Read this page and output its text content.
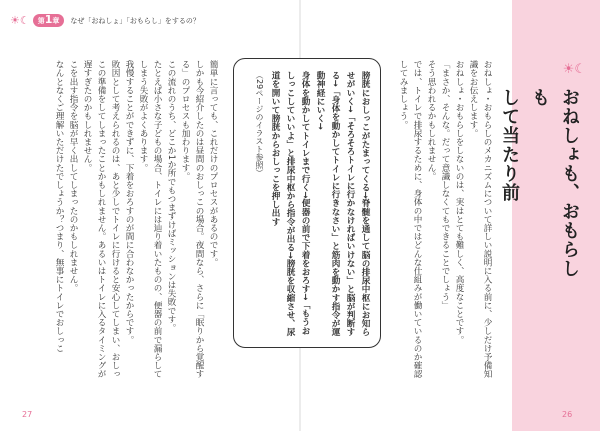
☀☾	第1章	なぜ「おねしょ」「おもらし」をするの？

簡単に言っても、これだけのプロセスがあるのです。

しかも今紹介したのは昼間のおしっこの場合。夜間なら、さらに「眠りから覚醒する」のプロセスも加わります。

この流れのうち、どこか1か所でもつまずけばミッションは失敗です。

たとえば小さな子どもの場合、トイレには辿り着いたものの、便器の前で漏らしてしまう失敗がよくあります。

我慢することができずに、下着をおろすのが間に合わなかったからです。

敗因として考えられるのは、あと少しでトイレに行けると安心してしまい、おしっこの準備をしてしまったことかもしれません。あるいはトイレに入るタイミングが遅すぎたのかもしれません。

こを出す指令を脳が早く出してしまったのかもしれません。

なんとなくご理解いただけたでしょうか？つまり、無事にトイレでおしっこ

27	26

膀胱におしっこがたまってくる→脊髄を通して脳の排尿中枢にお知らせがいく→「そろそろトイレに行かなければいけない」と脳が判断する→「身体を動かしてトイレに行きなさい」と筋肉を動かす指令が運動神経にいく→

身体を動かしてトイレまで行く→便器の前で下着をおろす→「もうおしっこしていいよ」と排尿中枢から指令が出る→膀胱を収縮させ、尿道を開いて膀胱からおしっこを押し出す

（29ページのイラスト参照）	おねしょ・おもらしのメカニズムについて詳しい説明に入る前に、少しだけ予備知識をお伝えします。

おねしょ・おもらしをしないのは、実はとても難しく、高度なことです。

「まさか、そんな。だって意識しなくてもできることでしょう」

そう思われるかもしれません。

では、トイレで排尿するために、身体の中ではどんな仕組みが働いているのか確認してみましょう。	☀☾
おねしょも、おもらしも
して当たり前
